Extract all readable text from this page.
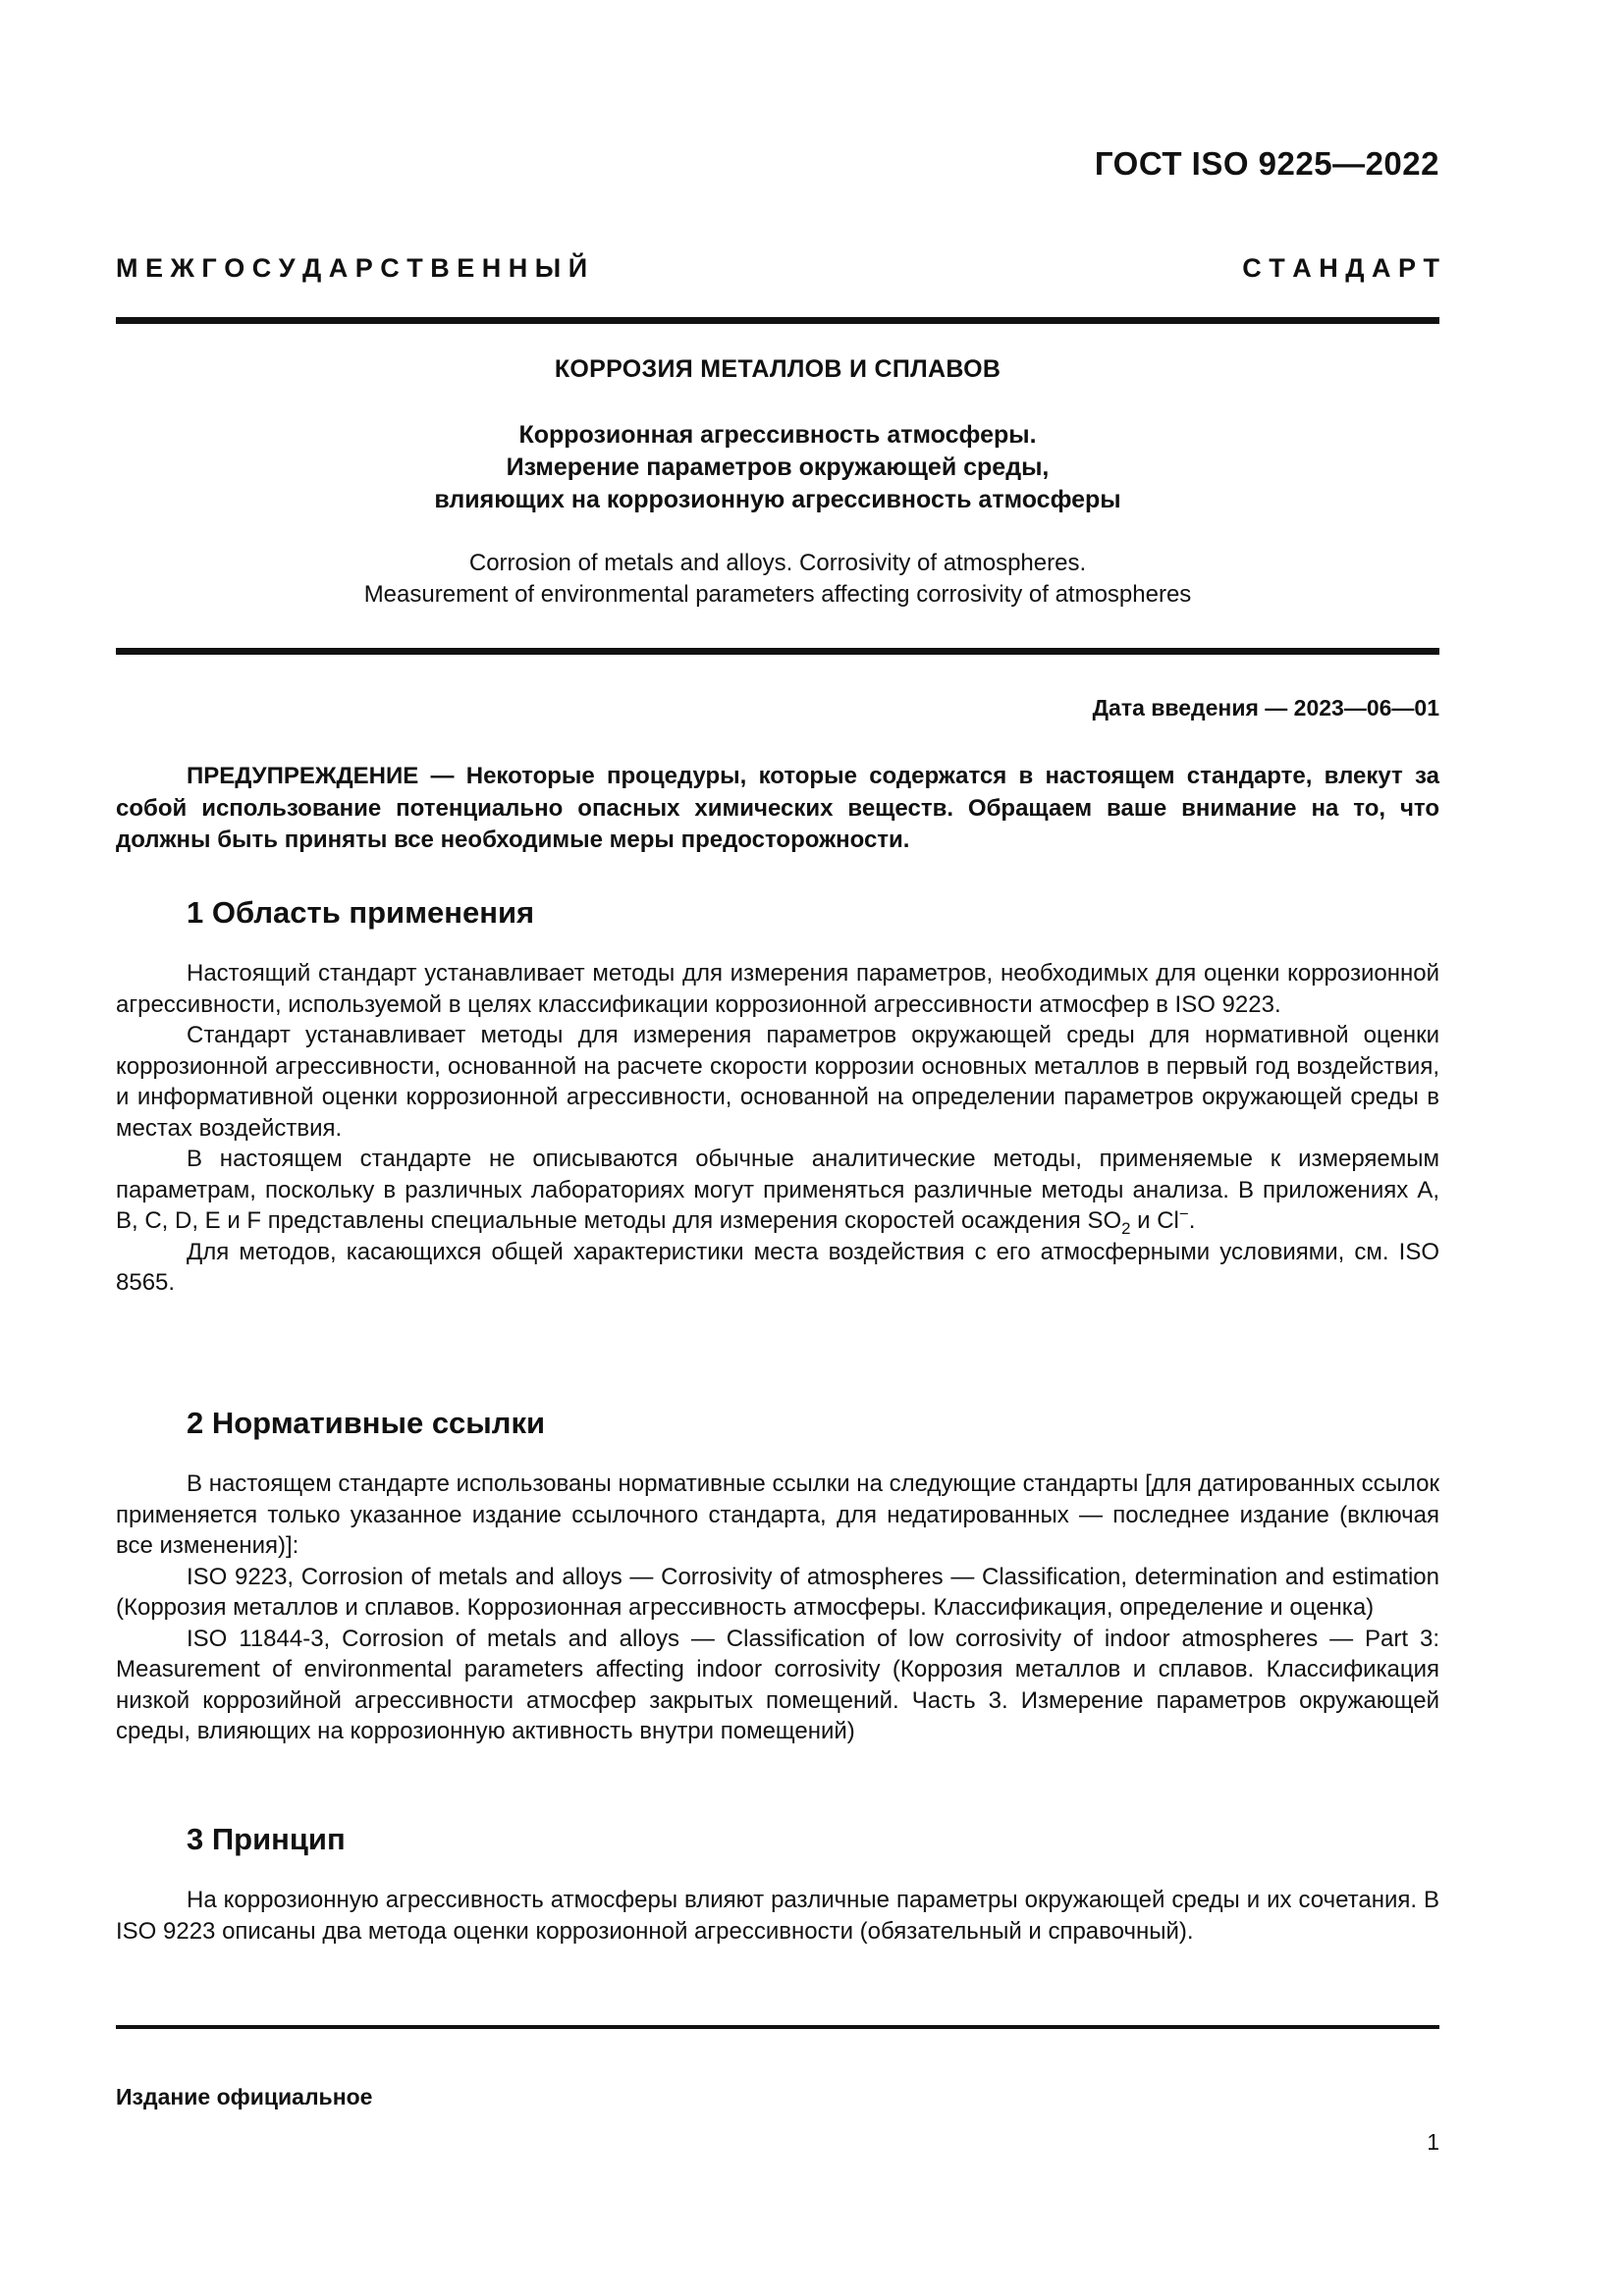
ГОСТ ISO 9225—2022
М Е Ж Г О С У Д А Р С Т В Е Н Н Ы Й	С Т А Н Д А Р Т
КОРРОЗИЯ МЕТАЛЛОВ И СПЛАВОВ
Коррозионная агрессивность атмосферы.
Измерение параметров окружающей среды,
влияющих на коррозионную агрессивность атмосферы
Corrosion of metals and alloys. Corrosivity of atmospheres.
Measurement of environmental parameters affecting corrosivity of atmospheres
Дата введения — 2023—06—01
ПРЕДУПРЕЖДЕНИЕ — Некоторые процедуры, которые содержатся в настоящем стандарте, влекут за собой использование потенциально опасных химических веществ. Обращаем ваше внимание на то, что должны быть приняты все необходимые меры предосторожности.
1 Область применения

Настоящий стандарт устанавливает методы для измерения параметров, необходимых для оценки коррозионной агрессивности, используемой в целях классификации коррозионной агрессивности атмосфер в ISO 9223.

Стандарт устанавливает методы для измерения параметров окружающей среды для нормативной оценки коррозионной агрессивности, основанной на расчете скорости коррозии основных металлов в первый год воздействия, и информативной оценки коррозионной агрессивности, основанной на определении параметров окружающей среды в местах воздействия.

В настоящем стандарте не описываются обычные аналитические методы, применяемые к измеряемым параметрам, поскольку в различных лабораториях могут применяться различные методы анализа. В приложениях А, В, С, D, Е и F представлены специальные методы для измерения скоростей осаждения $SO_2$ и Cl−.

Для методов, касающихся общей характеристики места воздействия с его атмосферными условиями, см. ISO 8565.

2 Нормативные ссылки

В настоящем стандарте использованы нормативные ссылки на следующие стандарты [для датированных ссылок применяется только указанное издание ссылочного стандарта, для недатированных — последнее издание (включая все изменения)]:

ISO 9223, Corrosion of metals and alloys — Corrosivity of atmospheres — Classification, determination and estimation (Коррозия металлов и сплавов. Коррозионная агрессивность атмосферы. Классификация, определение и оценка)

ISO 11844-3, Corrosion of metals and alloys — Classification of low corrosivity of indoor atmospheres — Part 3: Measurement of environmental parameters affecting indoor corrosivity (Коррозия металлов и сплавов. Классификация низкой коррозийной агрессивности атмосфер закрытых помещений. Часть 3. Измерение параметров окружающей среды, влияющих на коррозионную активность внутри помещений)

3 Принцип

На коррозионную агрессивность атмосферы влияют различные параметры окружающей среды и их сочетания. В ISO 9223 описаны два метода оценки коррозионной агрессивности (обязательный и справочный).

Издание официальное
1
